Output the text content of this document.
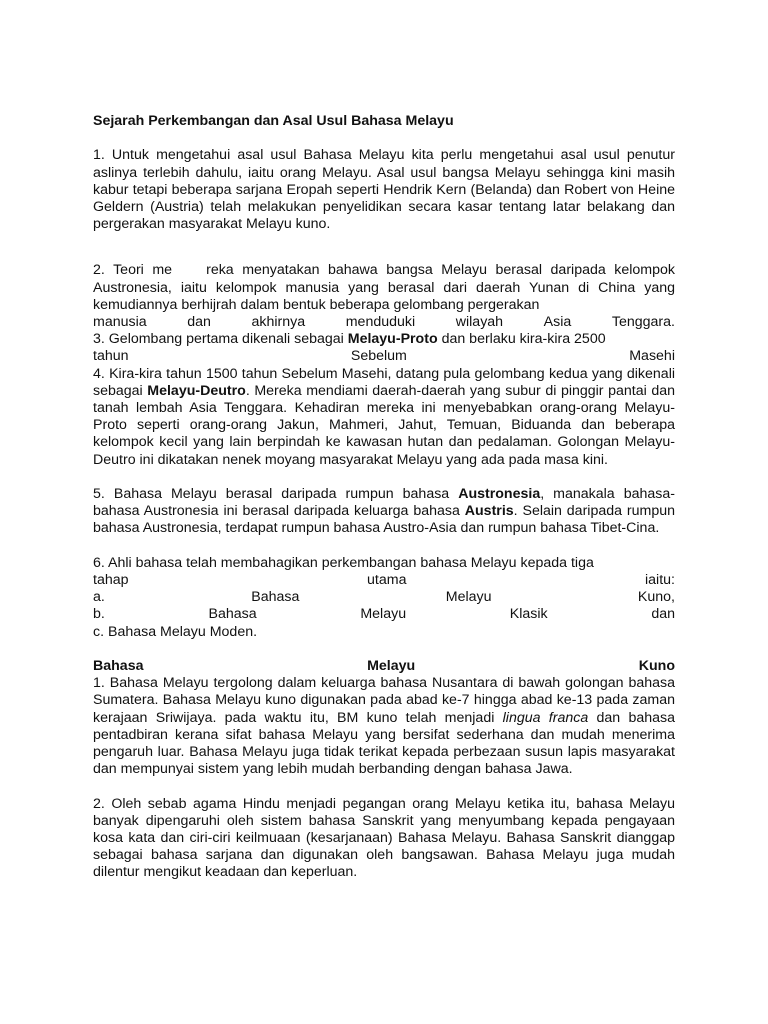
Sejarah Perkembangan dan Asal Usul Bahasa Melayu

1. Untuk mengetahui asal usul Bahasa Melayu kita perlu mengetahui asal usul penutur aslinya terlebih dahulu, iaitu orang Melayu. Asal usul bangsa Melayu sehingga kini masih kabur tetapi beberapa sarjana Eropah seperti Hendrik Kern (Belanda) dan Robert von Heine Geldern (Austria) telah melakukan penyelidikan secara kasar tentang latar belakang dan pergerakan masyarakat Melayu kuno.

2. Teori me    reka menyatakan bahawa bangsa Melayu berasal daripada kelompok Austronesia, iaitu kelompok manusia yang berasal dari daerah Yunan di China yang kemudiannya berhijrah dalam bentuk beberapa gelombang pergerakan

manusia	dan	akhirnya	menduduki	wilayah	Asia	Tenggara.
3. Gelombang pertama dikenali sebagai Melayu-Proto dan berlaku kira-kira 2500
tahun	Sebelum	Masehi

4. Kira-kira tahun 1500 tahun Sebelum Masehi, datang pula gelombang kedua yang dikenali sebagai Melayu-Deutro. Mereka mendiami daerah-daerah yang subur di pinggir pantai dan tanah lembah Asia Tenggara. Kehadiran mereka ini menyebabkan orang-orang Melayu-Proto seperti orang-orang Jakun, Mahmeri, Jahut, Temuan, Biduanda dan beberapa kelompok kecil yang lain berpindah ke kawasan hutan dan pedalaman. Golongan Melayu-Deutro ini dikatakan nenek moyang masyarakat Melayu yang ada pada masa kini.

5. Bahasa Melayu berasal daripada rumpun bahasa Austronesia, manakala bahasa-bahasa Austronesia ini berasal daripada keluarga bahasa Austris. Selain daripada rumpun bahasa Austronesia, terdapat rumpun bahasa Austro-Asia dan rumpun bahasa Tibet-Cina.

6. Ahli bahasa telah membahagikan perkembangan bahasa Melayu kepada tiga
tahap	utama	iaitu:
a.	Bahasa	Melayu	Kuno,
b.	Bahasa	Melayu	Klasik	dan
c. Bahasa Melayu Moden.
Bahasa	Melayu	Kuno

1. Bahasa Melayu tergolong dalam keluarga bahasa Nusantara di bawah golongan bahasa Sumatera. Bahasa Melayu kuno digunakan pada abad ke-7 hingga abad ke-13 pada zaman kerajaan Sriwijaya. pada waktu itu, BM kuno telah menjadi lingua franca dan bahasa pentadbiran kerana sifat bahasa Melayu yang bersifat sederhana dan mudah menerima pengaruh luar. Bahasa Melayu juga tidak terikat kepada perbezaan susun lapis masyarakat dan mempunyai sistem yang lebih mudah berbanding dengan bahasa Jawa.

2. Oleh sebab agama Hindu menjadi pegangan orang Melayu ketika itu, bahasa Melayu banyak dipengaruhi oleh sistem bahasa Sanskrit yang menyumbang kepada pengayaan kosa kata dan ciri-ciri keilmuaan (kesarjanaan) Bahasa Melayu. Bahasa Sanskrit dianggap sebagai bahasa sarjana dan digunakan oleh bangsawan. Bahasa Melayu juga mudah dilentur mengikut keadaan dan keperluan.
